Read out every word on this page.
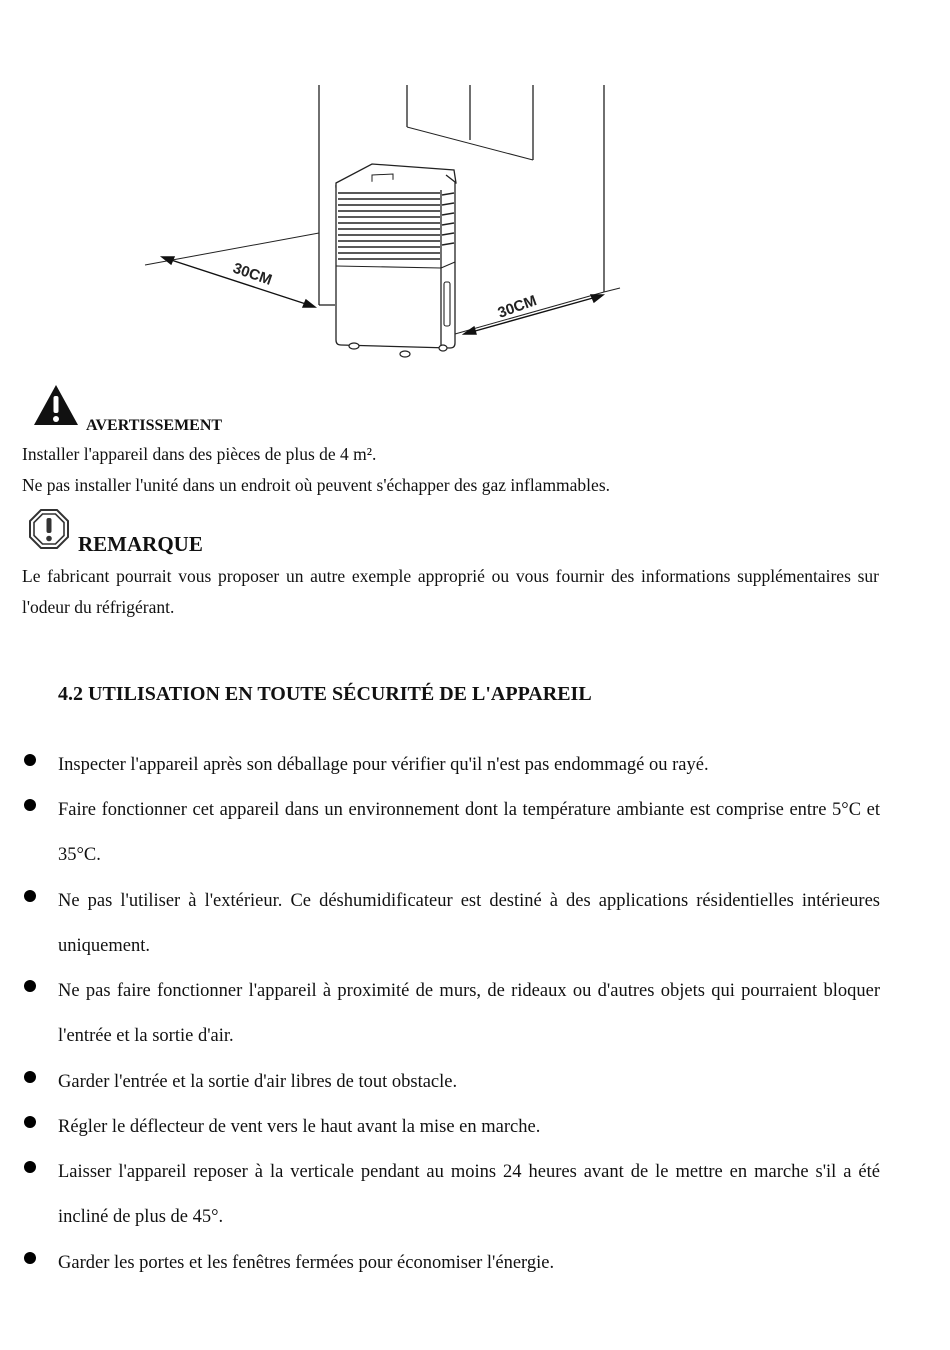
30CM
30CM
AVERTISSEMENT
Installer l'appareil dans des pièces de plus de 4 m².
Ne pas installer l'unité dans un endroit où peuvent s'échapper des gaz inflammables.
REMARQUE
Le fabricant pourrait vous proposer un autre exemple approprié ou vous fournir des informations supplémentaires sur l'odeur du réfrigérant.
4.2 UTILISATION EN TOUTE SÉCURITÉ DE L'APPAREIL
Inspecter l'appareil après son déballage pour vérifier qu'il n'est pas endommagé ou rayé.
Faire fonctionner cet appareil dans un environnement dont la température ambiante est comprise entre 5°C et 35°C.
Ne pas l'utiliser à l'extérieur. Ce déshumidificateur est destiné à des applications résidentielles intérieures uniquement.
Ne pas faire fonctionner l'appareil à proximité de murs, de rideaux ou d'autres objets qui pourraient bloquer l'entrée et la sortie d'air.
Garder l'entrée et la sortie d'air libres de tout obstacle.
Régler le déflecteur de vent vers le haut avant la mise en marche.
Laisser l'appareil reposer à la verticale pendant au moins 24 heures avant de le mettre en marche s'il a été incliné de plus de 45°.
Garder les portes et les fenêtres fermées pour économiser l'énergie.
